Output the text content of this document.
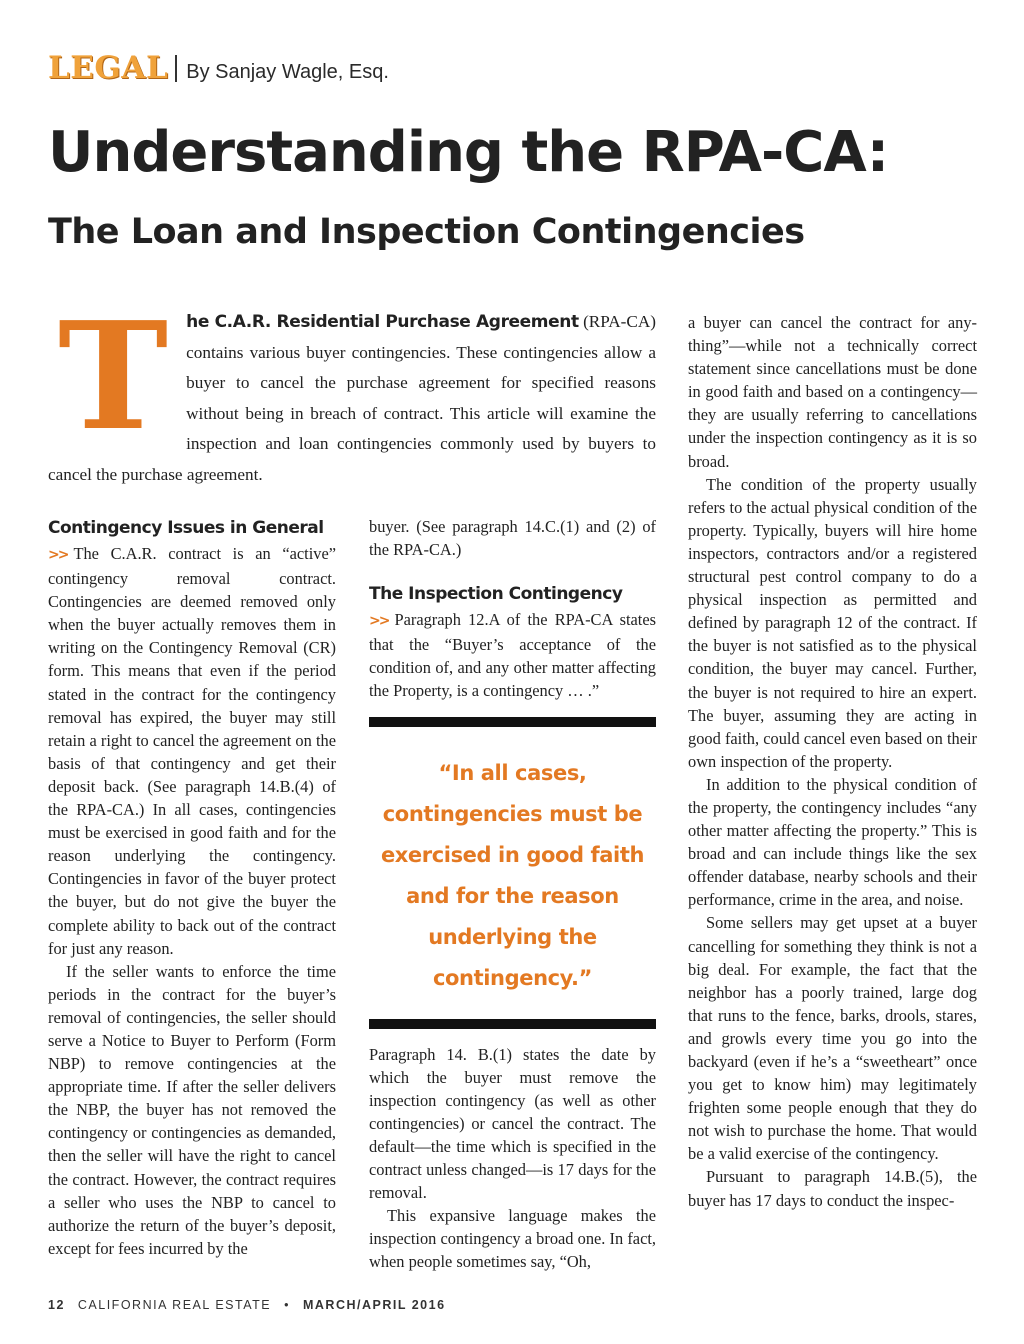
LEGAL By Sanjay Wagle, Esq.
Understanding the RPA-CA:
The Loan and Inspection Contingencies
T he C.A.R. Residential Purchase Agreement (RPA-CA) contains various buyer contingencies. These contingencies allow a buyer to cancel the purchase agreement for specified reasons without being in breach of contract. This article will examine the inspection and loan contingencies commonly used by buyers to cancel the purchase agreement.
Contingency Issues in General

>> The C.A.R. contract is an “active” contingency removal contract. Contingencies are deemed removed only when the buyer actually removes them in writing on the Contingency Removal (CR) form. This means that even if the period stated in the contract for the contingency removal has expired, the buyer may still retain a right to cancel the agreement on the basis of that contingency and get their deposit back. (See paragraph 14.B.(4) of the RPA-CA.) In all cases, contingencies must be exercised in good faith and for the reason underlying the contingency. Contingencies in favor of the buyer protect the buyer, but do not give the buyer the complete ability to back out of the contract for just any reason.

If the seller wants to enforce the time periods in the contract for the buyer’s removal of contingencies, the seller should serve a Notice to Buyer to Perform (Form NBP) to remove contingencies at the appropriate time. If after the seller delivers the NBP, the buyer has not removed the contingency or contingencies as demanded, then the seller will have the right to cancel the contract. However, the contract requires a seller who uses the NBP to cancel to authorize the return of the buyer’s deposit, except for fees incurred by the

buyer. (See paragraph 14.C.(1) and (2) of the RPA-CA.)

The Inspection Contingency

>> Paragraph 12.A of the RPA-CA states that the “Buyer’s acceptance of the condition of, and any other matter affecting the Property, is a contingency … .”

“In all cases, contingencies must be exercised in good faith and for the reason underlying the contingency.”

Paragraph 14. B.(1) states the date by which the buyer must remove the inspection contingency (as well as other contingencies) or cancel the contract. The default—the time which is specified in the contract unless changed—is 17 days for the removal.

This expansive language makes the inspection contingency a broad one. In fact, when people sometimes say, “Oh,

a buyer can cancel the contract for any-thing”—while not a technically correct statement since cancellations must be done in good faith and based on a contingency—they are usually referring to cancellations under the inspection contingency as it is so broad.

The condition of the property usually refers to the actual physical condition of the property. Typically, buyers will hire home inspectors, contractors and/or a registered structural pest control company to do a physical inspection as permitted and defined by paragraph 12 of the contract. If the buyer is not satisfied as to the physical condition, the buyer may cancel. Further, the buyer is not required to hire an expert. The buyer, assuming they are acting in good faith, could cancel even based on their own inspection of the property.

In addition to the physical condition of the property, the contingency includes “any other matter affecting the property.” This is broad and can include things like the sex offender database, nearby schools and their performance, crime in the area, and noise.

Some sellers may get upset at a buyer cancelling for something they think is not a big deal. For example, the fact that the neighbor has a poorly trained, large dog that runs to the fence, barks, drools, stares, and growls every time you go into the backyard (even if he’s a “sweetheart” once you get to know him) may legitimately frighten some people enough that they do not wish to purchase the home. That would be a valid exercise of the contingency.

Pursuant to paragraph 14.B.(5), the buyer has 17 days to conduct the inspec-

12 CALIFORNIA REAL ESTATE • MARCH/APRIL 2016
